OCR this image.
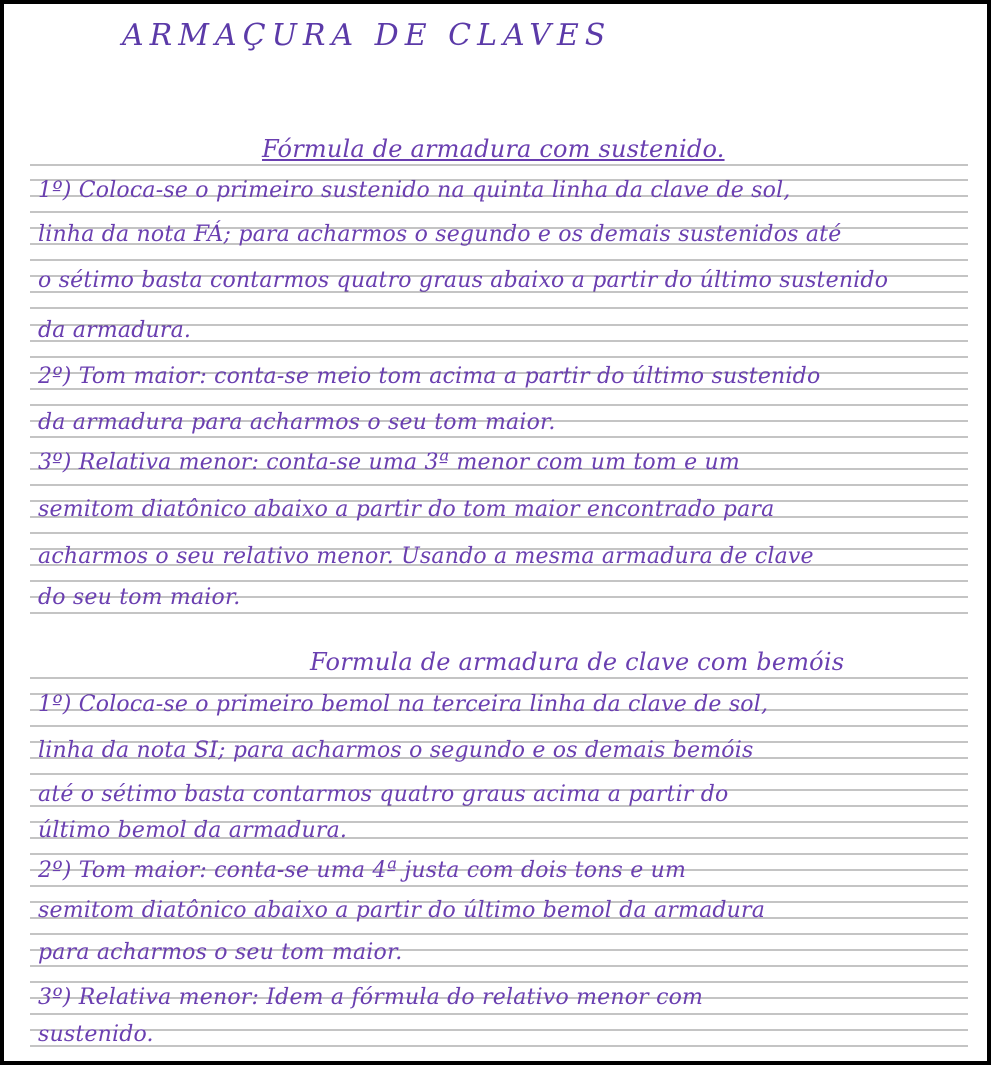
ARMAÇURA DE CLAVES
Fórmula de armadura com sustenido.
1º) Coloca-se o primeiro sustenido na quinta linha da clave de sol,
linha da nota FÁ; para acharmos o segundo e os demais sustenidos até
o sétimo basta contarmos quatro graus abaixo a partir do último sustenido
da armadura.
2º) Tom maior: conta-se meio tom acima a partir do último sustenido
da armadura para acharmos o seu tom maior.
3º) Relativa menor: conta-se uma 3ª menor com um tom e um
semitom diatônico abaixo a partir do tom maior encontrado para
acharmos o seu relativo menor. Usando a mesma armadura de clave
do seu tom maior.
Formula de armadura de clave com bemóis
1º) Coloca-se o primeiro bemol na terceira linha da clave de sol,
linha da nota SI; para acharmos o segundo e os demais bemóis
até o sétimo basta contarmos quatro graus acima a partir do
último bemol da armadura.
2º) Tom maior: conta-se uma 4ª justa com dois tons e um
semitom diatônico abaixo a partir do último bemol da armadura
para acharmos o seu tom maior.
3º) Relativa menor: Idem a fórmula do relativo menor com
sustenido.
